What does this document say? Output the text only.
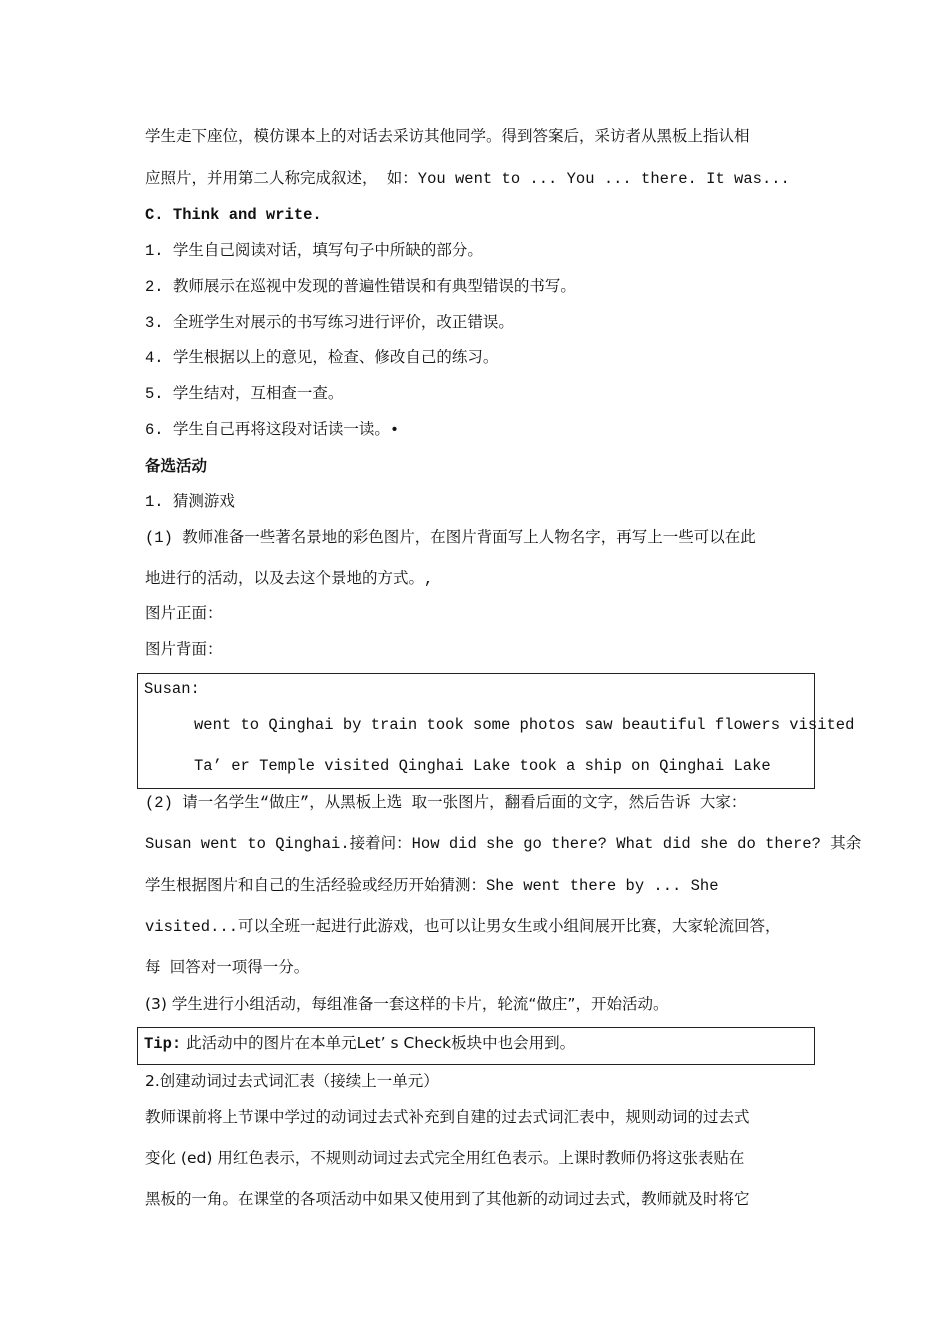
学生走下座位，模仿课本上的对话去采访其他同学。得到答案后，采访者从黑板上指认相
应照片，并用第二人称完成叙述， 如：You went to ... You ... there. It was...
C. Think and write.
1. 学生自己阅读对话，填写句子中所缺的部分。
2. 教师展示在巡视中发现的普遍性错误和有典型错误的书写。
3. 全班学生对展示的书写练习进行评价，改正错误。
4. 学生根据以上的意见，检查、修改自己的练习。
5. 学生结对，互相查一查。
6. 学生自己再将这段对话读一读。•
备选活动
1. 猜测游戏
(1) 教师准备一些著名景地的彩色图片，在图片背面写上人物名字，再写上一些可以在此
地进行的活动，以及去这个景地的方式。,
图片正面：
图片背面：
Susan:
went to Qinghai by train took some photos saw beautiful flowers visited
Ta’ er Temple visited Qinghai Lake took a ship on Qinghai Lake
(2) 请一名学生“做庄”，从黑板上选 取一张图片，翻看后面的文字，然后告诉 大家：
Susan went to Qinghai.接着问：How did she go there? What did she do there? 其余
学生根据图片和自己的生活经验或经历开始猜测：She went there by ... She
visited...可以全班一起进行此游戏，也可以让男女生或小组间展开比赛，大家轮流回答，
每 回答对一项得一分。
(3) 学生进行小组活动，每组准备一套这样的卡片，轮流“做庄”，开始活动。
Tip: 此活动中的图片在本单元Let’ s Check板块中也会用到。
2.创建动词过去式词汇表（接续上一单元）
教师课前将上节课中学过的动词过去式补充到自建的过去式词汇表中，规则动词的过去式
变化 (ed) 用红色表示，不规则动词过去式完全用红色表示。上课时教师仍将这张表贴在
黑板的一角。在课堂的各项活动中如果又使用到了其他新的动词过去式，教师就及时将它
